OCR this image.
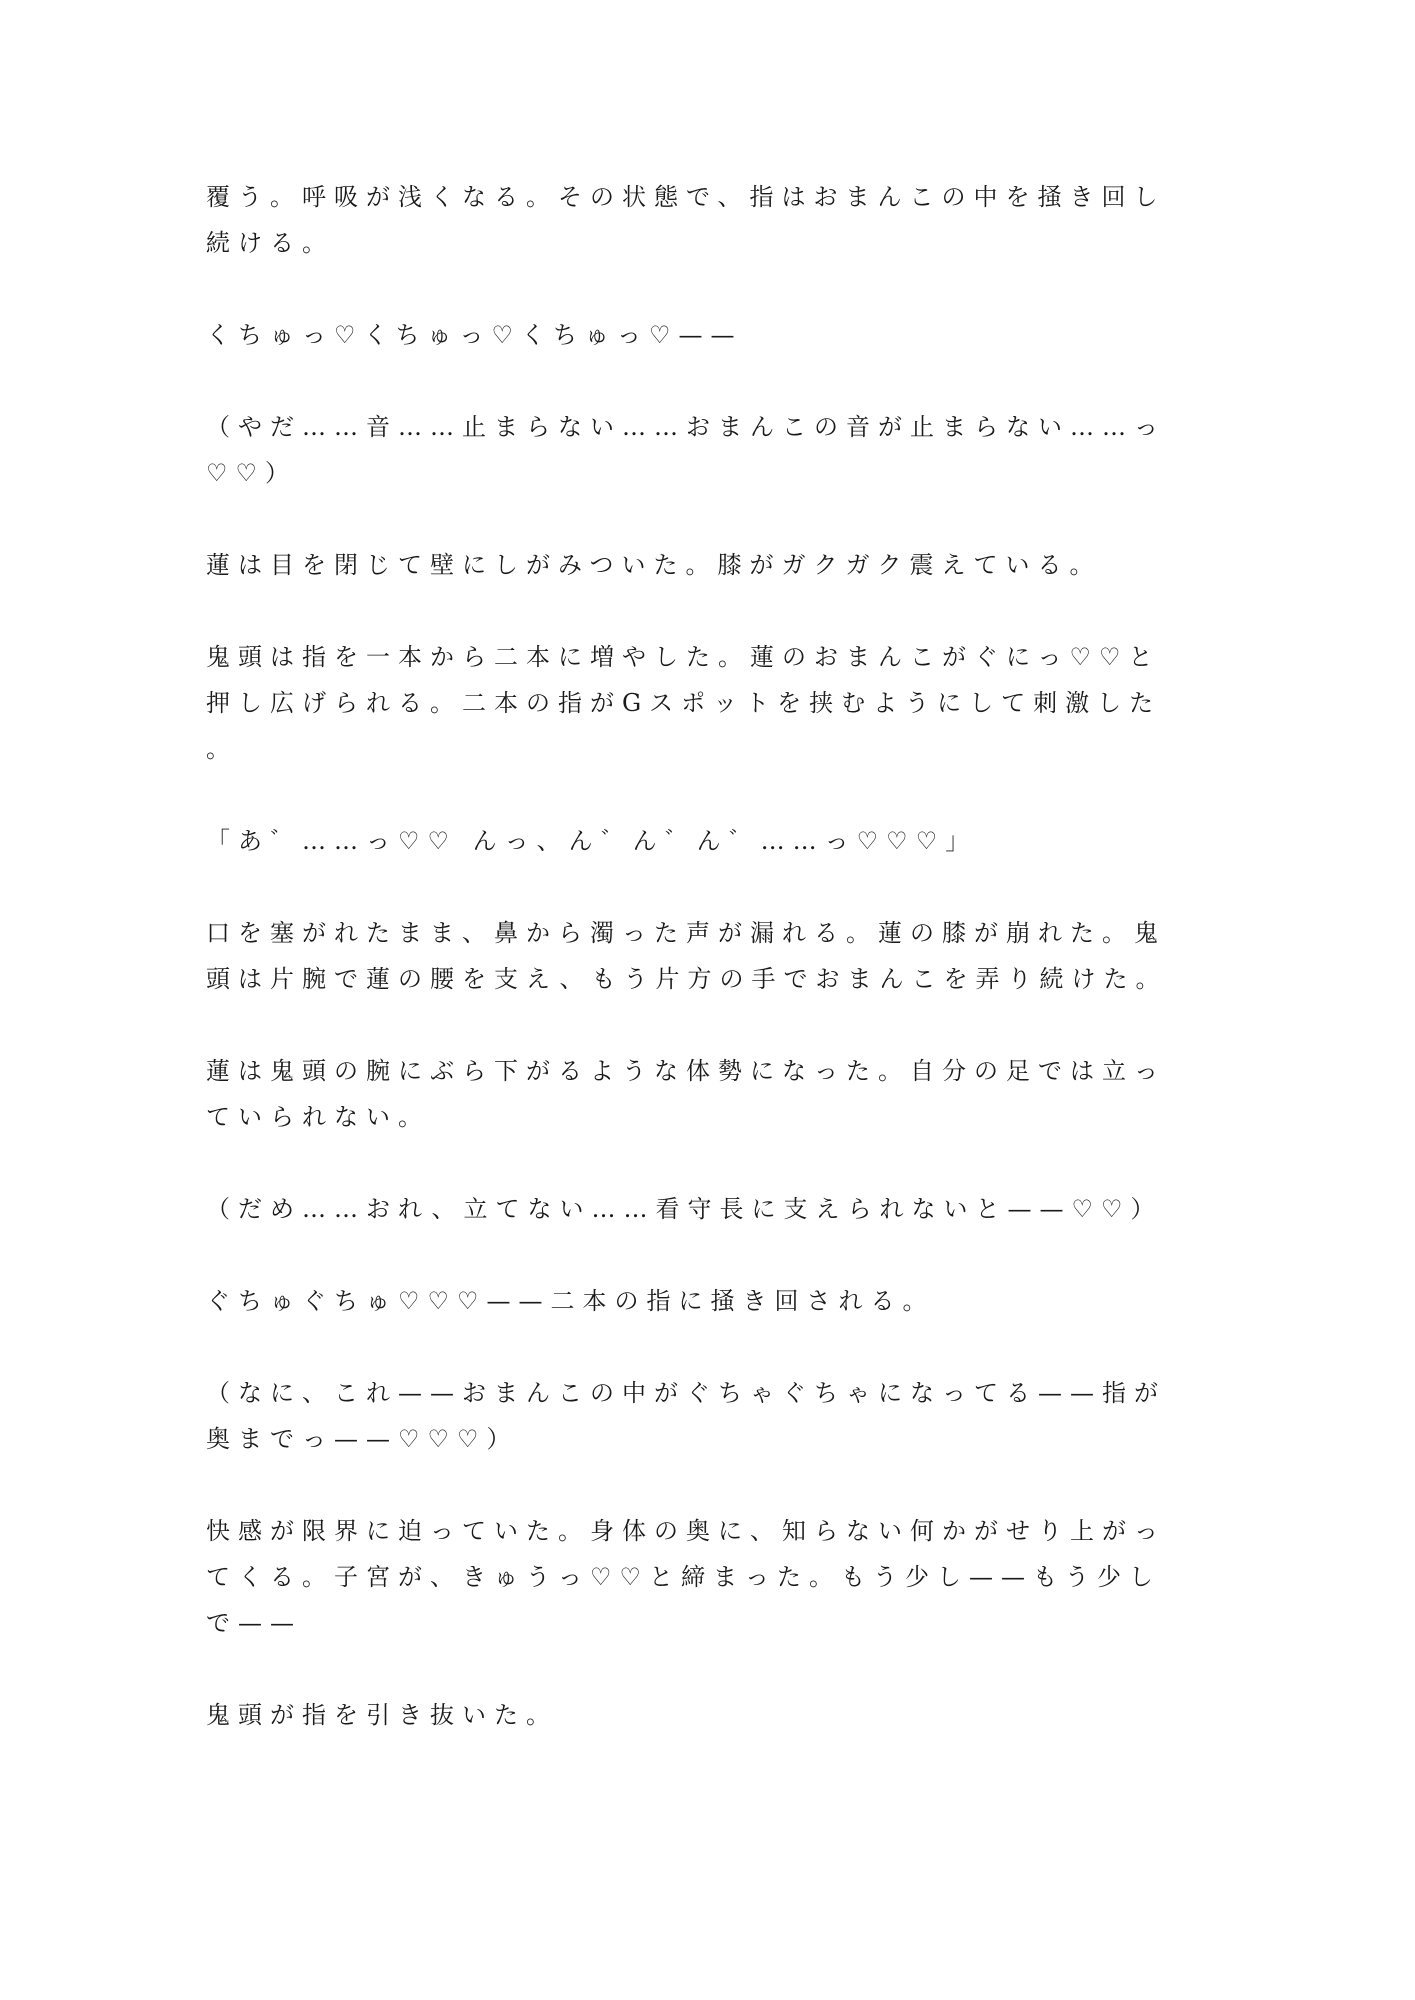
覆う。呼吸が浅くなる。その状態で、指はおまんこの中を掻き回し
続ける。
くちゅっ♡くちゅっ♡くちゅっ♡——
（やだ……音……止まらない……おまんこの音が止まらない……っ
♡♡）
蓮は目を閉じて壁にしがみついた。膝がガクガク震えている。
鬼頭は指を一本から二本に増やした。蓮のおまんこがぐにっ♡♡と
押し広げられる。二本の指がGスポットを挟むようにして刺激した
。
「あ゛……っ♡♡ んっ、ん゛ん゛ん゛……っ♡♡♡」
口を塞がれたまま、鼻から濁った声が漏れる。蓮の膝が崩れた。鬼
頭は片腕で蓮の腰を支え、もう片方の手でおまんこを弄り続けた。
蓮は鬼頭の腕にぶら下がるような体勢になった。自分の足では立っ
ていられない。
（だめ……おれ、立てない……看守長に支えられないと——♡♡）
ぐちゅぐちゅ♡♡♡——二本の指に掻き回される。
（なに、これ——おまんこの中がぐちゃぐちゃになってる——指が
奥までっ——♡♡♡）
快感が限界に迫っていた。身体の奥に、知らない何かがせり上がっ
てくる。子宮が、きゅうっ♡♡と締まった。もう少し——もう少し
で——
鬼頭が指を引き抜いた。
